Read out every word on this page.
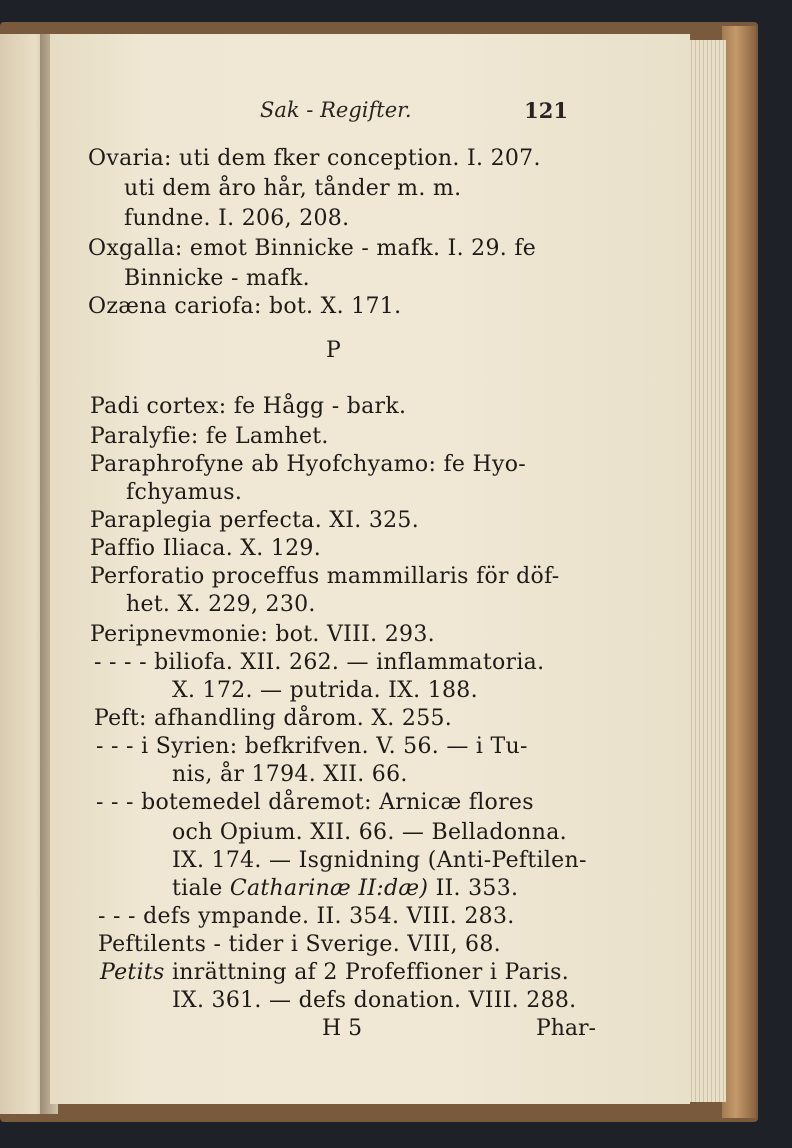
Sak - Regifter.	121
Ovaria: uti dem fker conception. I. 207.
uti dem åro hår, tånder m. m.
fundne. I. 206, 208.
Oxgalla: emot Binnicke - mafk. I. 29. fe
Binnicke - mafk.
Ozæna cariofa: bot. X. 171.
P
Padi cortex: fe Hågg - bark.
Paralyfie: fe Lamhet.
Paraphrofyne ab Hyofchyamo: fe Hyo-
fchyamus.
Paraplegia perfecta. XI. 325.
Paffio Iliaca. X. 129.
Perforatio proceffus mammillaris för döf-
het. X. 229, 230.
Peripnevmonie: bot. VIII. 293.
- - - - biliofa. XII. 262. — inflammatoria.
X. 172. — putrida. IX. 188.
Peft: afhandling dårom. X. 255.
- - - i Syrien: befkrifven. V. 56. — i Tu-
nis, år 1794. XII. 66.
- - - botemedel dåremot: Arnicæ flores
och Opium. XII. 66. — Belladonna.
IX. 174. — Isgnidning (Anti-Peftilen-
tiale Catharinæ II:dæ) II. 353.
- - - defs ympande. II. 354. VIII. 283.
Peftilents - tider i Sverige. VIII, 68.
Petits inrättning af 2 Profeffioner i Paris.
IX. 361. — defs donation. VIII. 288.
H 5	Phar-
